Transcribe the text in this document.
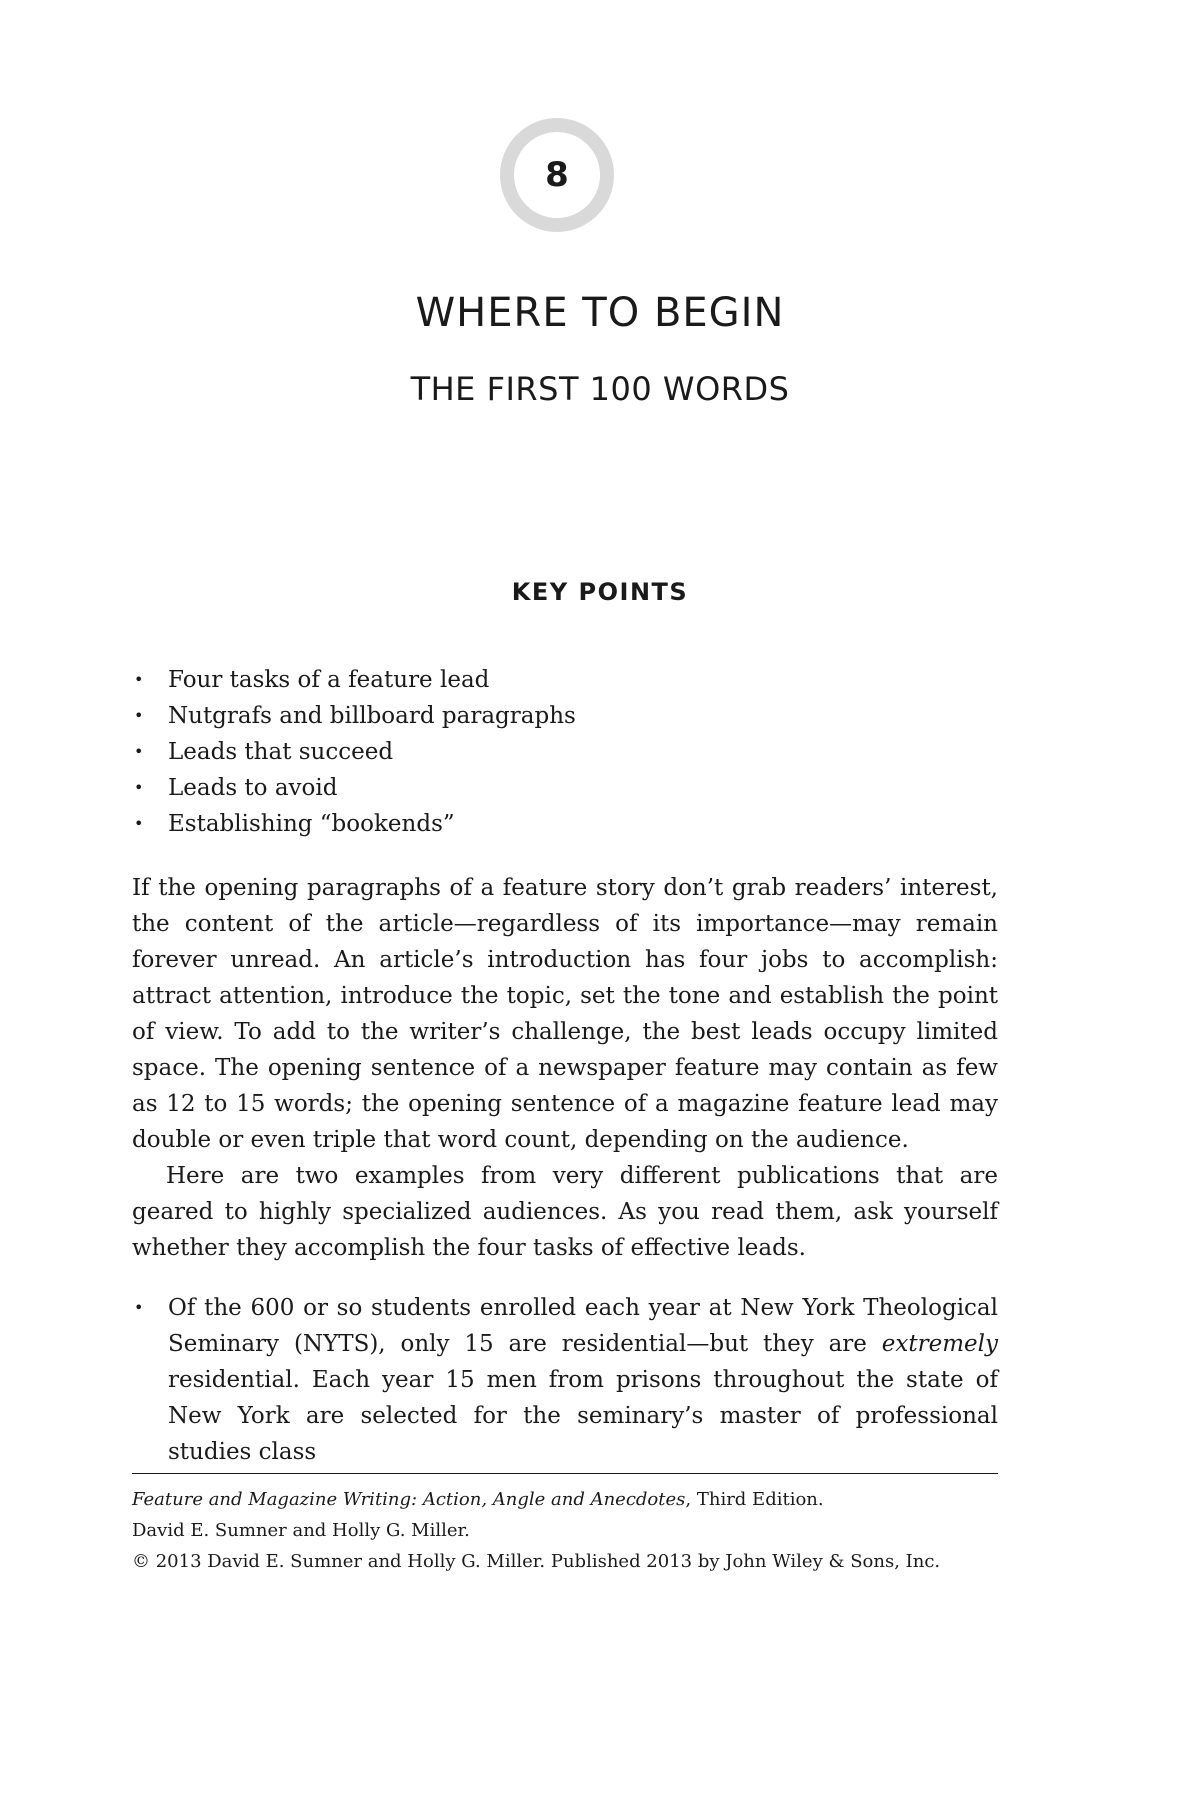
8
WHERE TO BEGIN
THE FIRST 100 WORDS
KEY POINTS
• Four tasks of a feature lead
• Nutgrafs and billboard paragraphs
• Leads that succeed
• Leads to avoid
• Establishing “bookends”

If the opening paragraphs of a feature story don’t grab readers’ interest, the content of the article—regardless of its importance—may remain forever unread. An article’s introduction has four jobs to accomplish: attract attention, introduce the topic, set the tone and establish the point of view. To add to the writer’s challenge, the best leads occupy limited space. The opening sentence of a newspaper feature may contain as few as 12 to 15 words; the opening sentence of a magazine feature lead may double or even triple that word count, depending on the audience.

Here are two examples from very different publications that are geared to highly specialized audiences. As you read them, ask yourself whether they accomplish the four tasks of effective leads.

• Of the 600 or so students enrolled each year at New York Theological Seminary (NYTS), only 15 are residential—but they are extremely residential. Each year 15 men from prisons throughout the state of New York are selected for the seminary’s master of professional studies class
Feature and Magazine Writing: Action, Angle and Anecdotes, Third Edition.
David E. Sumner and Holly G. Miller.
© 2013 David E. Sumner and Holly G. Miller. Published 2013 by John Wiley & Sons, Inc.
